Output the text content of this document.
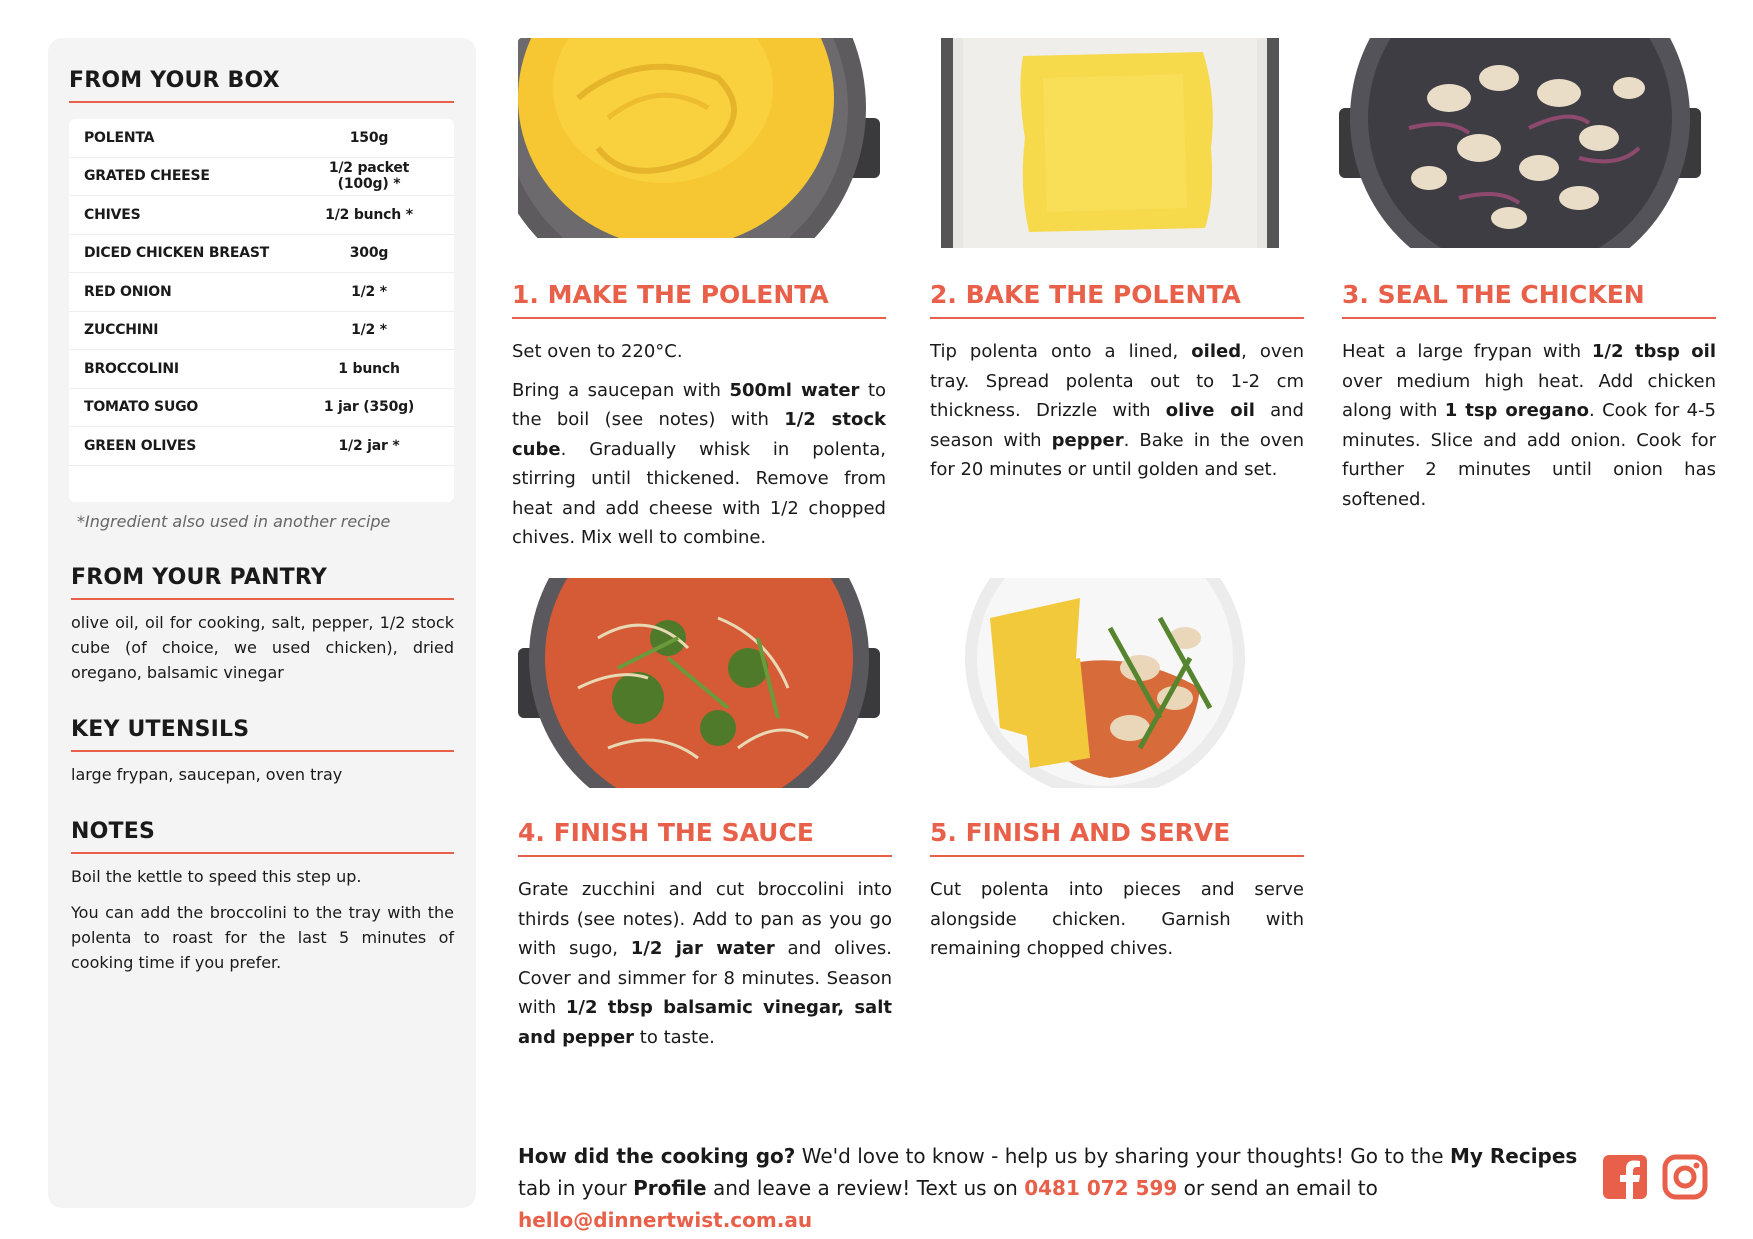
FROM YOUR BOX
POLENTA	150g
GRATED CHEESE	1/2 packet (100g) *
CHIVES	1/2 bunch *
DICED CHICKEN BREAST	300g
RED ONION	1/2 *
ZUCCHINI	1/2 *
BROCCOLINI	1 bunch
TOMATO SUGO	1 jar (350g)
GREEN OLIVES	1/2 jar *
*Ingredient also used in another recipe
FROM YOUR PANTRY

olive oil, oil for cooking, salt, pepper, 1/2 stock cube (of choice, we used chicken), dried oregano, balsamic vinegar

KEY UTENSILS

large frypan, saucepan, oven tray

NOTES

Boil the kettle to speed this step up.

You can add the broccolini to the tray with the polenta to roast for the last 5 minutes of cooking time if you prefer.

1. MAKE THE POLENTA

Set oven to 220°C.

Bring a saucepan with 500ml water to the boil (see notes) with 1/2 stock cube. Gradually whisk in polenta, stirring until thickened. Remove from heat and add cheese with 1/2 chopped chives. Mix well to combine.

2. BAKE THE POLENTA

Tip polenta onto a lined, oiled, oven tray. Spread polenta out to 1-2 cm thickness. Drizzle with olive oil and season with pepper. Bake in the oven for 20 minutes or until golden and set.

3. SEAL THE CHICKEN

Heat a large frypan with 1/2 tbsp oil over medium high heat. Add chicken along with 1 tsp oregano. Cook for 4-5 minutes. Slice and add onion. Cook for further 2 minutes until onion has softened.

4. FINISH THE SAUCE

Grate zucchini and cut broccolini into thirds (see notes). Add to pan as you go with sugo, 1/2 jar water and olives. Cover and simmer for 8 minutes. Season with 1/2 tbsp balsamic vinegar, salt and pepper to taste.

5. FINISH AND SERVE

Cut polenta into pieces and serve alongside chicken. Garnish with remaining chopped chives.

How did the cooking go? We'd love to know - help us by sharing your thoughts! Go to the My Recipes tab in your Profile and leave a review! Text us on 0481 072 599 or send an email to hello@dinnertwist.com.au
